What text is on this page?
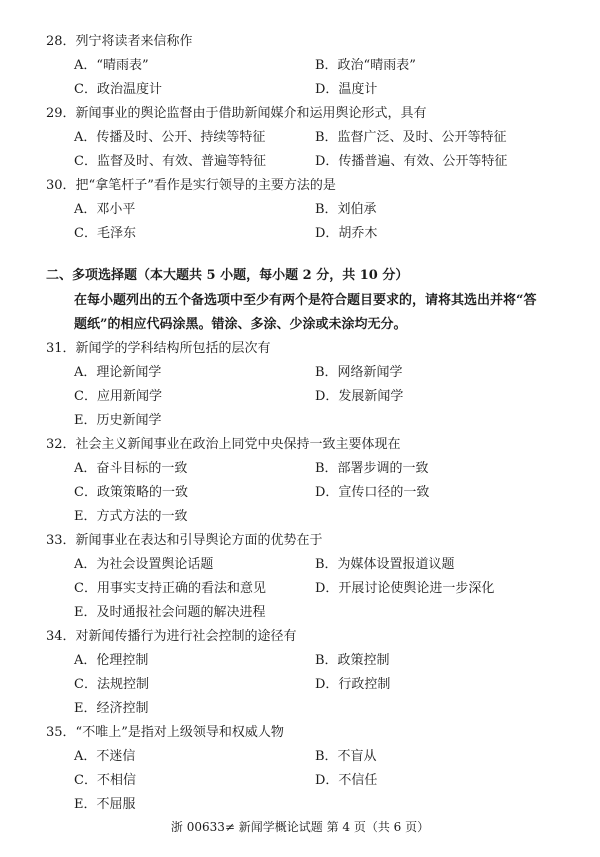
28．列宁将读者来信称作
A．“晴雨表”	B．政治“晴雨表”
C．政治温度计	D．温度计
29．新闻事业的舆论监督由于借助新闻媒介和运用舆论形式，具有
A．传播及时、公开、持续等特征	B．监督广泛、及时、公开等特征
C．监督及时、有效、普遍等特征	D．传播普遍、有效、公开等特征
30．把“拿笔杆子”看作是实行领导的主要方法的是
A．邓小平	B．刘伯承
C．毛泽东	D．胡乔木
二、多项选择题（本大题共 5 小题，每小题 2 分，共 10 分）
在每小题列出的五个备选项中至少有两个是符合题目要求的，请将其选出并将“答
题纸”的相应代码涂黑。错涂、多涂、少涂或未涂均无分。
31．新闻学的学科结构所包括的层次有
A．理论新闻学	B．网络新闻学
C．应用新闻学	D．发展新闻学
E．历史新闻学
32．社会主义新闻事业在政治上同党中央保持一致主要体现在
A．奋斗目标的一致	B．部署步调的一致
C．政策策略的一致	D．宣传口径的一致
E．方式方法的一致
33．新闻事业在表达和引导舆论方面的优势在于
A．为社会设置舆论话题	B．为媒体设置报道议题
C．用事实支持正确的看法和意见	D．开展讨论使舆论进一步深化
E．及时通报社会问题的解决进程
34．对新闻传播行为进行社会控制的途径有
A．伦理控制	B．政策控制
C．法规控制	D．行政控制
E．经济控制
35．“不唯上”是指对上级领导和权威人物
A．不迷信	B．不盲从
C．不相信	D．不信任
E．不屈服
浙 00633≠ 新闻学概论试题 第 4 页（共 6 页）
